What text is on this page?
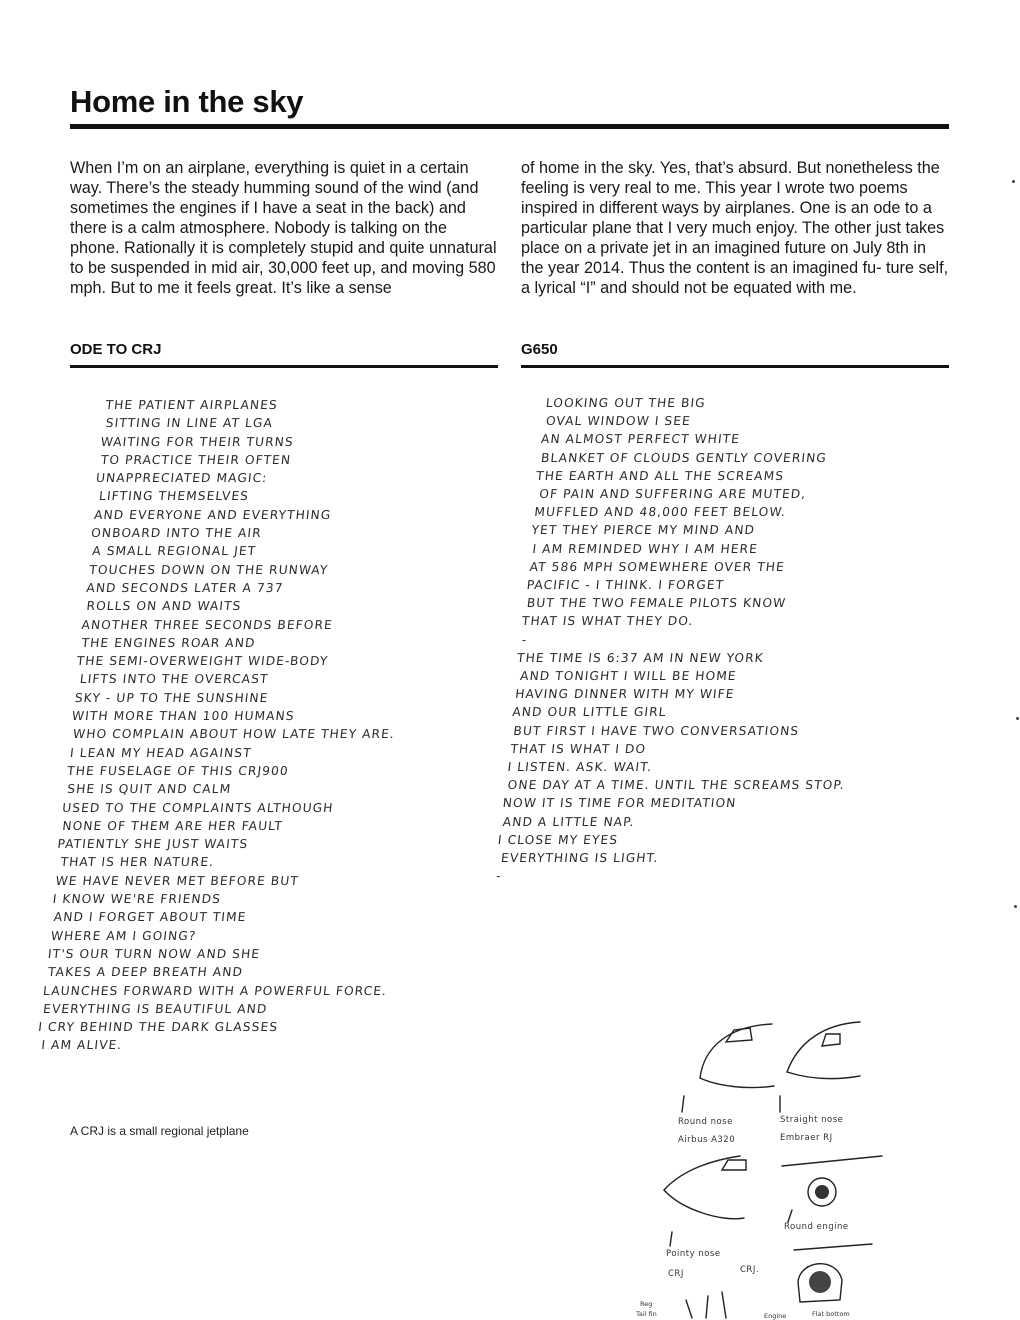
Home in the sky

When I’m on an airplane, everything is quiet in a certain way. There’s the steady humming sound of the wind (and sometimes the engines if I have a seat in the back) and there is a calm atmosphere. Nobody is talking on the phone. Rationally it is completely stupid and quite unnatural to be suspended in mid air, 30,000 feet up, and moving 580 mph. But to me it feels great. It’s like a sense

of home in the sky. Yes, that’s absurd. But nonetheless the feeling is very real to me. This year I wrote two poems inspired in different ways by airplanes. One is an ode to a particular plane that I very much enjoy. The other just takes place on a private jet in an imagined future on July 8th in the year 2014. Thus the content is an imagined fu- ture self, a lyrical “I” and should not be equated with me.

ODE TO CRJ	G650
THE PATIENT AIRPLANES
SITTING IN LINE AT LGA
WAITING FOR THEIR TURNS
TO PRACTICE THEIR OFTEN
UNAPPRECIATED MAGIC:
LIFTING THEMSELVES
AND EVERYONE AND EVERYTHING
ONBOARD INTO THE AIR
A SMALL REGIONAL JET
TOUCHES DOWN ON THE RUNWAY
AND SECONDS LATER A 737
ROLLS ON AND WAITS
ANOTHER THREE SECONDS BEFORE
THE ENGINES ROAR AND
THE SEMI-OVERWEIGHT WIDE-BODY
LIFTS INTO THE OVERCAST
SKY - UP TO THE SUNSHINE
WITH MORE THAN 100 HUMANS
WHO COMPLAIN ABOUT HOW LATE THEY ARE.
I LEAN MY HEAD AGAINST
THE FUSELAGE OF THIS CRJ900
SHE IS QUIT AND CALM
USED TO THE COMPLAINTS ALTHOUGH
NONE OF THEM ARE HER FAULT
PATIENTLY SHE JUST WAITS
THAT IS HER NATURE.
WE HAVE NEVER MET BEFORE BUT
I KNOW WE'RE FRIENDS
AND I FORGET ABOUT TIME
WHERE AM I GOING?
IT'S OUR TURN NOW AND SHE
TAKES A DEEP BREATH AND
LAUNCHES FORWARD WITH A POWERFUL FORCE.
EVERYTHING IS BEAUTIFUL AND
I CRY BEHIND THE DARK GLASSES
I AM ALIVE.
LOOKING OUT THE BIG
OVAL WINDOW I SEE
AN ALMOST PERFECT WHITE
BLANKET OF CLOUDS GENTLY COVERING
THE EARTH AND ALL THE SCREAMS
OF PAIN AND SUFFERING ARE MUTED,
MUFFLED AND 48,000 FEET BELOW.
YET THEY PIERCE MY MIND AND
I AM REMINDED WHY I AM HERE
AT 586 MPH SOMEWHERE OVER THE
PACIFIC - I THINK. I FORGET
BUT THE TWO FEMALE PILOTS KNOW
THAT IS WHAT THEY DO.
-
THE TIME IS 6:37 AM IN NEW YORK
AND TONIGHT I WILL BE HOME
HAVING DINNER WITH MY WIFE
AND OUR LITTLE GIRL
BUT FIRST I HAVE TWO CONVERSATIONS
THAT IS WHAT I DO
I LISTEN. ASK. WAIT.
ONE DAY AT A TIME. UNTIL THE SCREAMS STOP.
NOW IT IS TIME FOR MEDITATION
AND A LITTLE NAP.
I CLOSE MY EYES
EVERYTHING IS LIGHT.
-
A CRJ is a small regional jetplane
Round nose
Airbus A320
Straight nose
Embraer RJ
Round engine
Pointy nose
CRJ	CRJ.
Reg
Tail fin	Engine	Flat bottom
